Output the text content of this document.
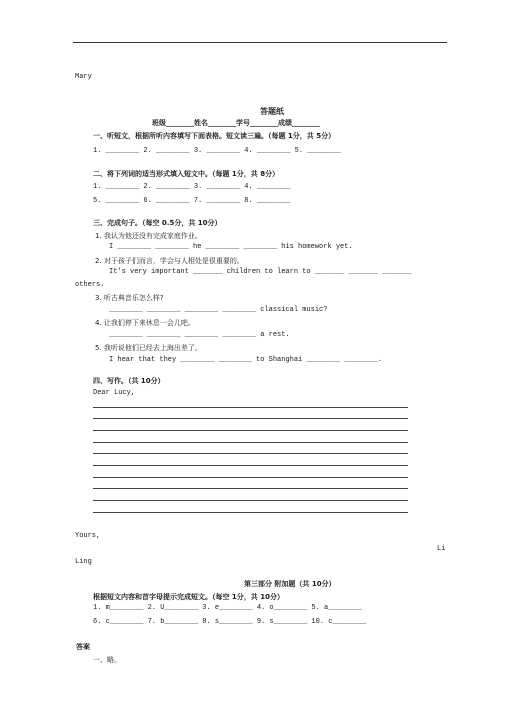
Mary
答题纸
班级________姓名________学号________成绩________
一、听短文，根据所听内容填写下面表格。短文读三遍。（每题 1分，共 5分）
1. ________ 2. ________ 3. ________ 4. ________ 5. ________
二、将下列词的适当形式填入短文中。（每题 1分，共 8分）
1. ________ 2. ________ 3. ________ 4. ________
5. ________ 6. ________ 7. ________ 8. ________
三、完成句子。（每空 0.5分，共 10分）
1. 我认为他还没有完成家庭作业。
I ________ ________ he ________ ________ his homework yet.
2. 对于孩子们而言，学会与人相处是很重要的。
It's very important _______ children to learn to _______ _______ _______
others.
3. 听古典音乐怎么样?
________ ________ ________ ________ classical music?
4. 让我们停下来休息一会儿吧。
________ ________ ________ ________ a rest.
5. 我听说他们已经去上海出差了。
I hear that they ________ ________ to Shanghai ________ ________.
四、写作。（共 10分）
Dear Lucy,
Yours,
Li
Ling
第三部分 附加题（共 10分）
根据短文内容和首字母提示完成短文。（每空 1分，共 10分）
1. m________ 2. U________ 3. e________ 4. o________ 5. a________
6. c________ 7. b________ 8. s________ 9. s________ 10. c________
答案
一、略。
